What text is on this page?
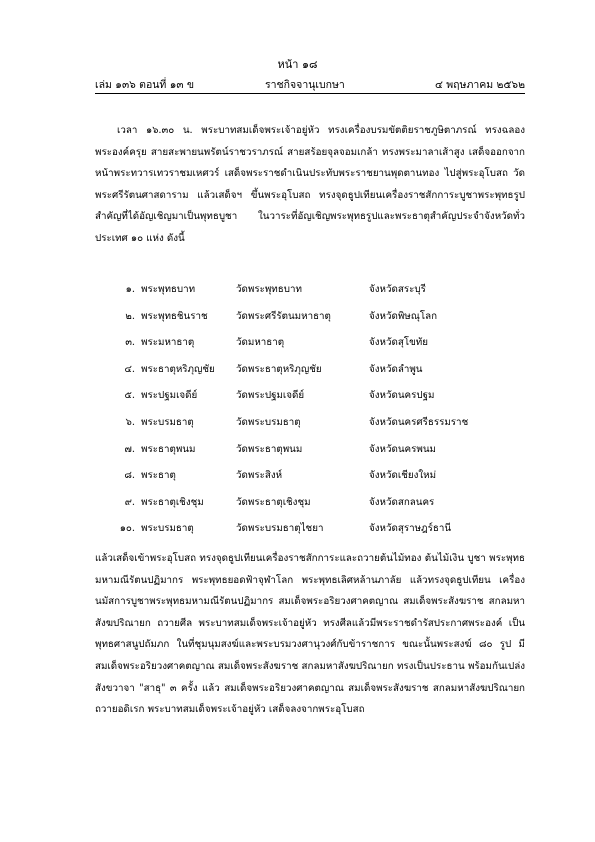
หน้า ๑๘
เล่ม ๑๓๖ ตอนที่ ๑๓ ข	ราชกิจจานุเบกษา	๔ พฤษภาคม ๒๕๖๒

เวลา ๑๖.๓๐ น. พระบาทสมเด็จพระเจ้าอยู่หัว ทรงเครื่องบรมขัตติยราชภูษิตาภรณ์ ทรงฉลองพระองค์ครุย สายสะพายนพรัตน์ราชวราภรณ์ สายสร้อยจุลจอมเกล้า ทรงพระมาลาเส้าสูง เสด็จออกจากหน้าพระทวารเทวราชมเหศวร์ เสด็จพระราชดำเนินประทับพระราชยานพุดตานทอง ไปสู่พระอุโบสถ วัดพระศรีรัตนศาสดาราม แล้วเสด็จฯ ขึ้นพระอุโบสถ ทรงจุดธูปเทียนเครื่องราชสักการะบูชาพระพุทธรูปสำคัญที่ได้อัญเชิญมาเป็นพุทธบูชา ในวาระที่อัญเชิญพระพุทธรูปและพระธาตุสำคัญประจำจังหวัดทั่วประเทศ ๑๐ แห่ง ดังนี้

๑. พระพุทธบาท	วัดพระพุทธบาท	จังหวัดสระบุรี
๒. พระพุทธชินราช	วัดพระศรีรัตนมหาธาตุ	จังหวัดพิษณุโลก
๓. พระมหาธาตุ	วัดมหาธาตุ	จังหวัดสุโขทัย
๔. พระธาตุหริภุญชัย วัดพระธาตุหริภุญชัย	จังหวัดลำพูน
๕. พระปฐมเจดีย์	วัดพระปฐมเจดีย์	จังหวัดนครปฐม
๖. พระบรมธาตุ	วัดพระบรมธาตุ	จังหวัดนครศรีธรรมราช
๗. พระธาตุพนม	วัดพระธาตุพนม	จังหวัดนครพนม
๘. พระธาตุ	วัดพระสิงห์	จังหวัดเชียงใหม่
๙. พระธาตุเชิงชุม	วัดพระธาตุเชิงชุม	จังหวัดสกลนคร
๑๐. พระบรมธาตุ	วัดพระบรมธาตุไชยา	จังหวัดสุราษฎร์ธานี

แล้วเสด็จเข้าพระอุโบสถ ทรงจุดธูปเทียนเครื่องราชสักการะและถวายต้นไม้ทอง ต้นไม้เงิน บูชา พระพุทธมหามณีรัตนปฏิมากร พระพุทธยอดฟ้าจุฬาโลก พระพุทธเลิศหล้านภาลัย แล้วทรงจุดธูปเทียน เครื่องนมัสการบูชาพระพุทธมหามณีรัตนปฏิมากร สมเด็จพระอริยวงศาคตญาณ สมเด็จพระสังฆราช สกลมหาสังฆปริณายก ถวายศีล พระบาทสมเด็จพระเจ้าอยู่หัว ทรงศีลแล้วมีพระราชดำรัสประกาศพระองค์ เป็นพุทธศาสนูปถัมภก ในที่ชุมนุมสงฆ์และพระบรมวงศานุวงศ์กับข้าราชการ ขณะนั้นพระสงฆ์ ๘๐ รูป มีสมเด็จพระอริยวงศาคตญาณ สมเด็จพระสังฆราช สกลมหาสังฆปริณายก ทรงเป็นประธาน พร้อมกันเปล่งสังขวาจา "สาธุ" ๓ ครั้ง แล้ว สมเด็จพระอริยวงศาคตญาณ สมเด็จพระสังฆราช สกลมหาสังฆปริณายก ถวายอดิเรก พระบาทสมเด็จพระเจ้าอยู่หัว เสด็จลงจากพระอุโบสถ
